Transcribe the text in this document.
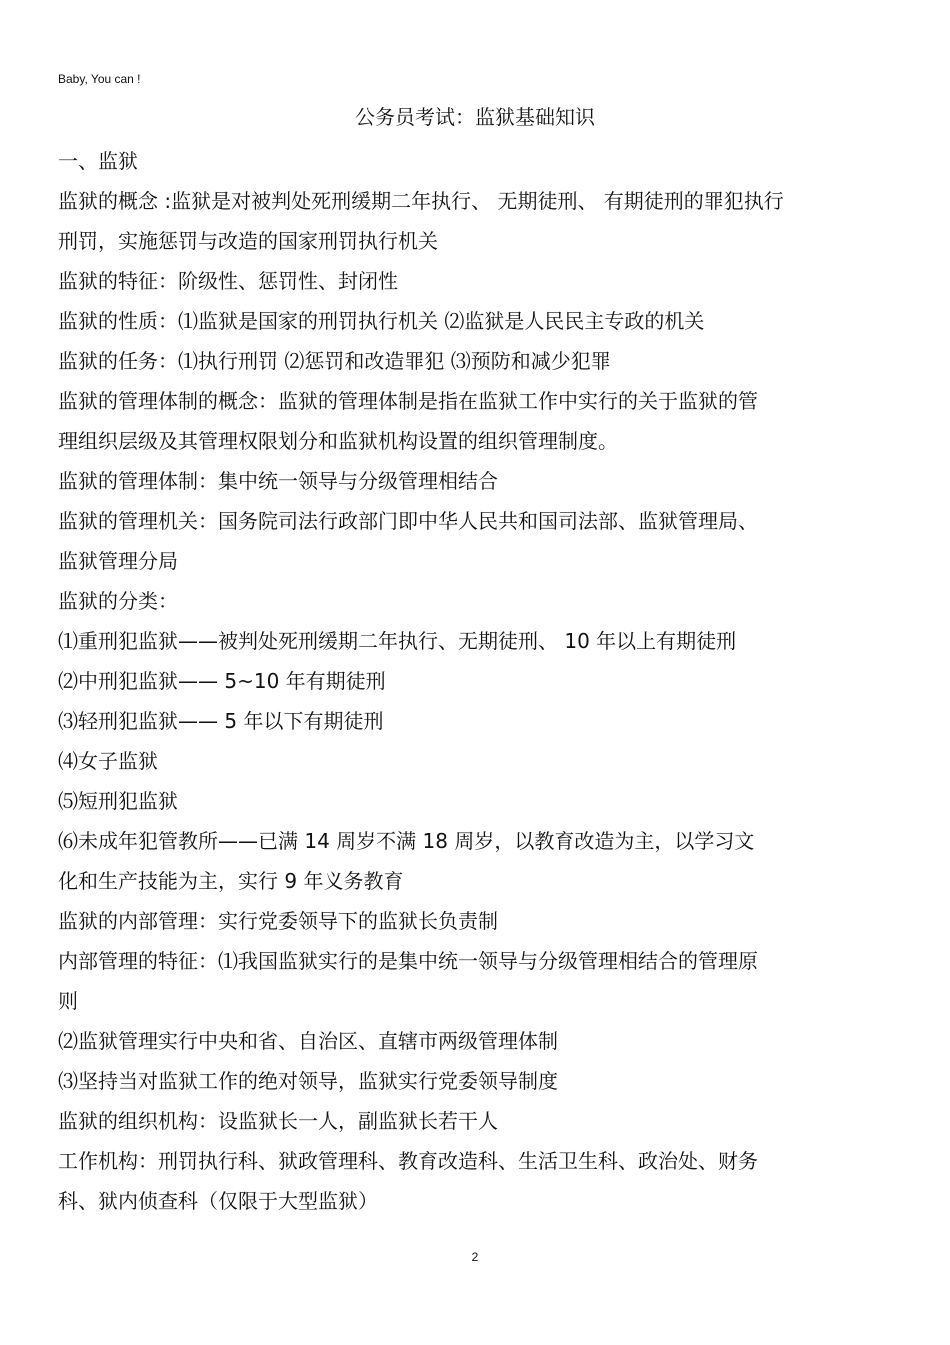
Baby, You can !
公务员考试：监狱基础知识
一、监狱
监狱的概念 :监狱是对被判处死刑缓期二年执行、 无期徒刑、 有期徒刑的罪犯执行
刑罚，实施惩罚与改造的国家刑罚执行机关
监狱的特征：阶级性、惩罚性、封闭性
监狱的性质：⑴监狱是国家的刑罚执行机关 ⑵监狱是人民民主专政的机关
监狱的任务：⑴执行刑罚 ⑵惩罚和改造罪犯 ⑶预防和减少犯罪
监狱的管理体制的概念：监狱的管理体制是指在监狱工作中实行的关于监狱的管
理组织层级及其管理权限划分和监狱机构设置的组织管理制度。
监狱的管理体制：集中统一领导与分级管理相结合
监狱的管理机关：国务院司法行政部门即中华人民共和国司法部、监狱管理局、
监狱管理分局
监狱的分类：
⑴重刑犯监狱——被判处死刑缓期二年执行、无期徒刑、 10 年以上有期徒刑
⑵中刑犯监狱—— 5~10 年有期徒刑
⑶轻刑犯监狱—— 5 年以下有期徒刑
⑷女子监狱
⑸短刑犯监狱
⑹未成年犯管教所——已满 14 周岁不满 18 周岁，以教育改造为主，以学习文
化和生产技能为主，实行 9 年义务教育
监狱的内部管理：实行党委领导下的监狱长负责制
内部管理的特征：⑴我国监狱实行的是集中统一领导与分级管理相结合的管理原
则
⑵监狱管理实行中央和省、自治区、直辖市两级管理体制
⑶坚持当对监狱工作的绝对领导，监狱实行党委领导制度
监狱的组织机构：设监狱长一人，副监狱长若干人
工作机构：刑罚执行科、狱政管理科、教育改造科、生活卫生科、政治处、财务
科、狱内侦查科（仅限于大型监狱）
2
